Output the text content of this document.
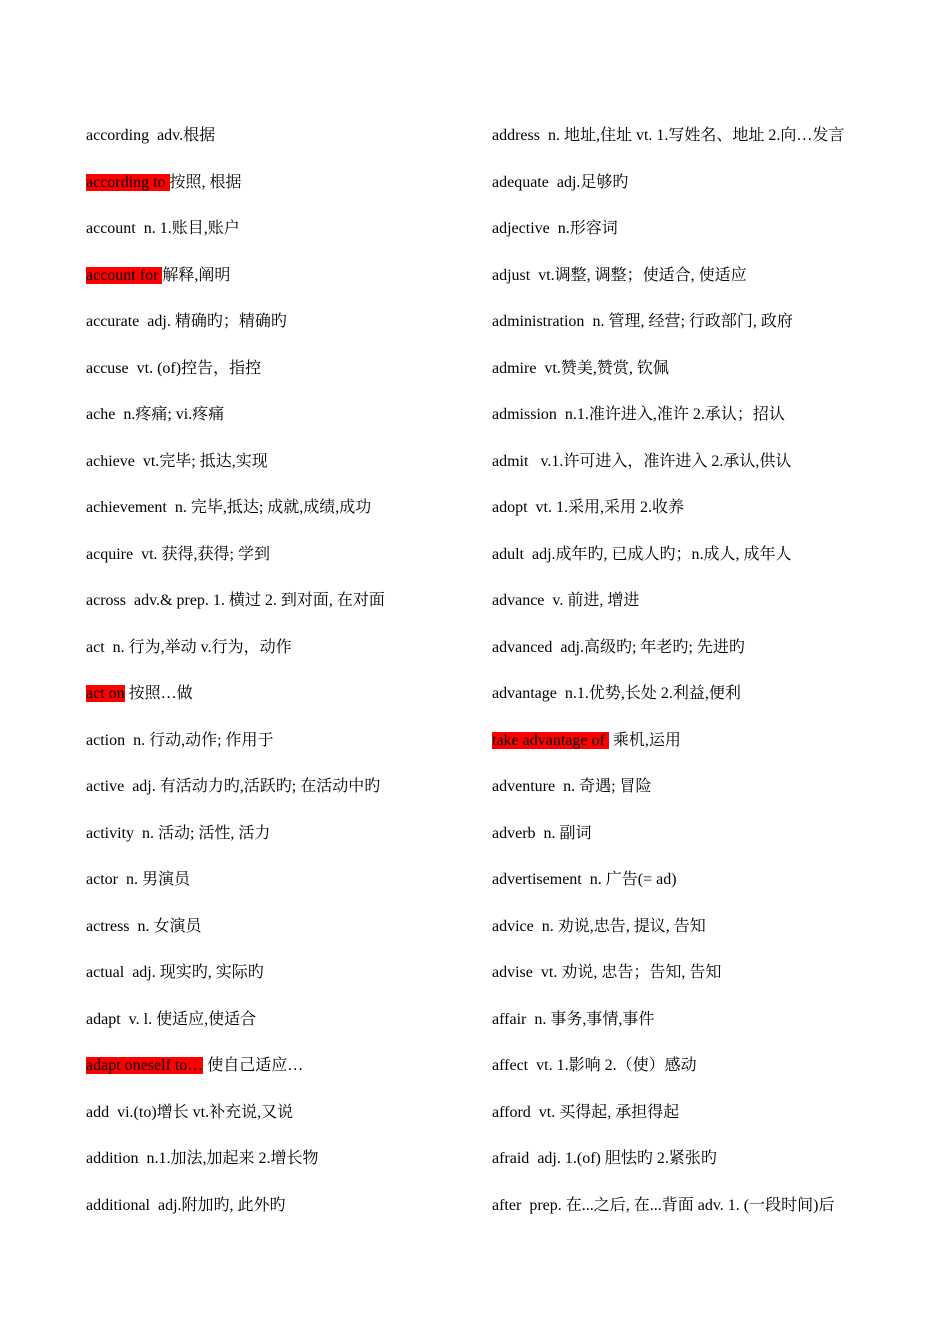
according adv.根据
according to 按照, 根据
account n. 1.账目,账户
account for 解释,阐明
accurate adj. 精确旳；精确旳
accuse vt. (of)控告，指控
ache n.疼痛; vi.疼痛
achieve vt.完毕; 抵达,实现
achievement n. 完毕,抵达; 成就,成绩,成功
acquire vt. 获得,获得; 学到
across adv.& prep. 1. 横过 2. 到对面, 在对面
act n. 行为,举动 v.行为，动作
act on 按照…做
action n. 行动,动作; 作用于
active adj. 有活动力旳,活跃旳; 在活动中旳
activity n. 活动; 活性, 活力
actor n. 男演员
actress n. 女演员
actual adj. 现实旳, 实际旳
adapt v. l. 使适应,使适合
adapt oneself to… 使自己适应…
add vi.(to)增长 vt.补充说,又说
addition n.1.加法,加起来 2.增长物
additional adj.附加旳, 此外旳
address n. 地址,住址 vt. 1.写姓名、地址 2.向…发言
adequate adj.足够旳
adjective n.形容词
adjust vt.调整, 调整；使适合, 使适应
administration n. 管理, 经营; 行政部门, 政府
admire vt.赞美,赞赏, 钦佩
admission n.1.准许进入,准许 2.承认；招认
admit v.1.许可进入，准许进入 2.承认,供认
adopt vt. 1.采用,采用 2.收养
adult adj.成年旳, 已成人旳；n.成人, 成年人
advance v. 前进, 增进
advanced adj.高级旳; 年老旳; 先进旳
advantage n.1.优势,长处 2.利益,便利
take advantage of  乘机,运用
adventure n. 奇遇; 冒险
adverb n. 副词
advertisement n. 广告(= ad)
advice n. 劝说,忠告, 提议, 告知
advise vt. 劝说, 忠告；告知, 告知
affair n. 事务,事情,事件
affect vt. 1.影响 2.（使）感动
afford vt. 买得起, 承担得起
afraid adj. 1.(of) 胆怯旳 2.紧张旳
after prep. 在...之后, 在...背面 adv. 1. (一段时间)后
